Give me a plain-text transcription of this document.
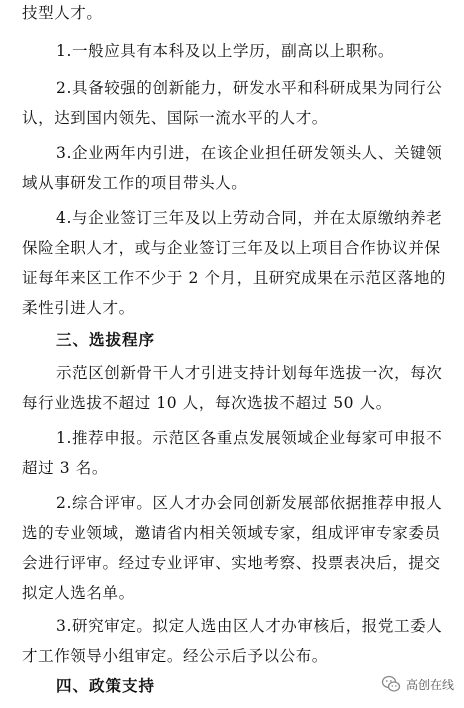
技型人才。
1.一般应具有本科及以上学历，副高以上职称。
2.具备较强的创新能力，研发水平和科研成果为同行公
认，达到国内领先、国际一流水平的人才。
3.企业两年内引进，在该企业担任研发领头人、关键领
域从事研发工作的项目带头人。
4.与企业签订三年及以上劳动合同，并在太原缴纳养老
保险全职人才，或与企业签订三年及以上项目合作协议并保
证每年来区工作不少于 2 个月，且研究成果在示范区落地的
柔性引进人才。
三、选拔程序
示范区创新骨干人才引进支持计划每年选拔一次，每次
每行业选拔不超过 10 人，每次选拔不超过 50 人。
1.推荐申报。示范区各重点发展领域企业每家可申报不
超过 3 名。
2.综合评审。区人才办会同创新发展部依据推荐申报人
选的专业领域，邀请省内相关领域专家，组成评审专家委员
会进行评审。经过专业评审、实地考察、投票表决后，提交
拟定人选名单。
3.研究审定。拟定人选由区人才办审核后，报党工委人
才工作领导小组审定。经公示后予以公布。
四、政策支持	高创在线
